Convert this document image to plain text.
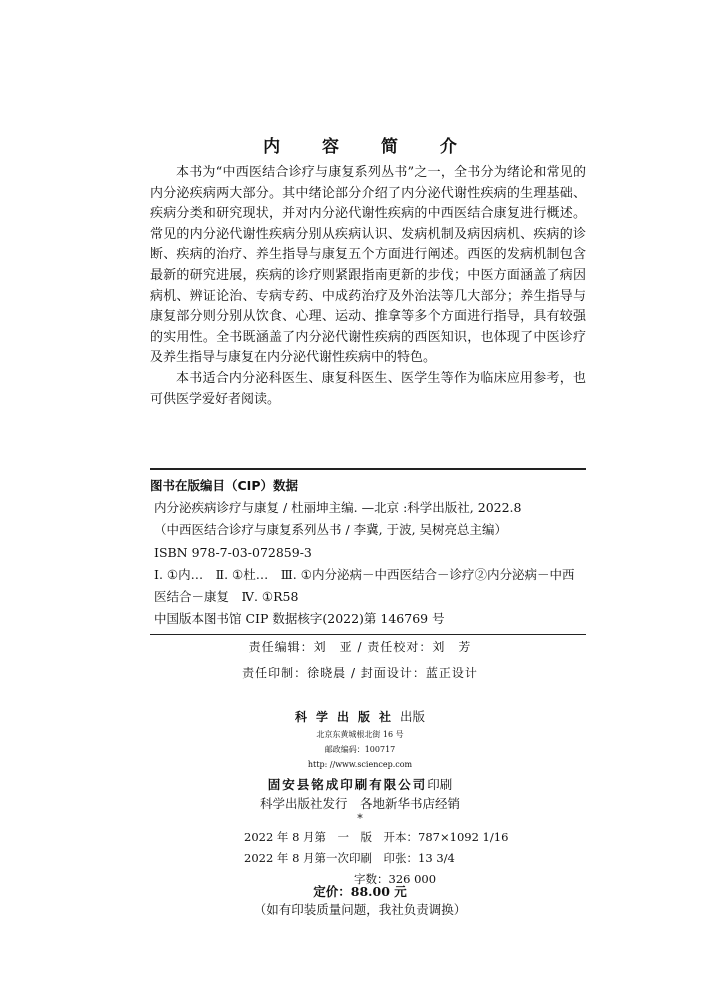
内 容 简 介

本书为“中西医结合诊疗与康复系列丛书”之一，全书分为绪论和常见的内分泌疾病两大部分。其中绪论部分介绍了内分泌代谢性疾病的生理基础、疾病分类和研究现状，并对内分泌代谢性疾病的中西医结合康复进行概述。常见的内分泌代谢性疾病分别从疾病认识、发病机制及病因病机、疾病的诊断、疾病的治疗、养生指导与康复五个方面进行阐述。西医的发病机制包含最新的研究进展，疾病的诊疗则紧跟指南更新的步伐；中医方面涵盖了病因病机、辨证论治、专病专药、中成药治疗及外治法等几大部分；养生指导与康复部分则分别从饮食、心理、运动、推拿等多个方面进行指导，具有较强的实用性。全书既涵盖了内分泌代谢性疾病的西医知识，也体现了中医诊疗及养生指导与康复在内分泌代谢性疾病中的特色。

本书适合内分泌科医生、康复科医生、医学生等作为临床应用参考，也可供医学爱好者阅读。

图书在版编目（CIP）数据
内分泌疾病诊疗与康复 / 杜丽坤主编. —北京 :科学出版社, 2022.8
（中西医结合诊疗与康复系列丛书 / 李冀, 于波, 吴树亮总主编）
ISBN 978-7-03-072859-3
Ⅰ. ①内…　Ⅱ. ①杜…　Ⅲ. ①内分泌病－中西医结合－诊疗②内分泌病－中西医结合－康复　Ⅳ. ①R58
中国版本图书馆 CIP 数据核字(2022)第 146769 号
责任编辑：刘　亚 / 责任校对：刘　芳
责任印制：徐晓晨 / 封面设计：蓝正设计
科学出版社出版
北京东黄城根北街 16 号
邮政编码：100717
http: //www.sciencep.com
固安县铭成印刷有限公司印刷
科学出版社发行　各地新华书店经销
*
2022 年 8 月第　一　版　开本：787×1092 1/16
2022 年 8 月第一次印刷　印张：13 3/4
字数：326 000
定价：88.00 元
（如有印装质量问题，我社负责调换）
